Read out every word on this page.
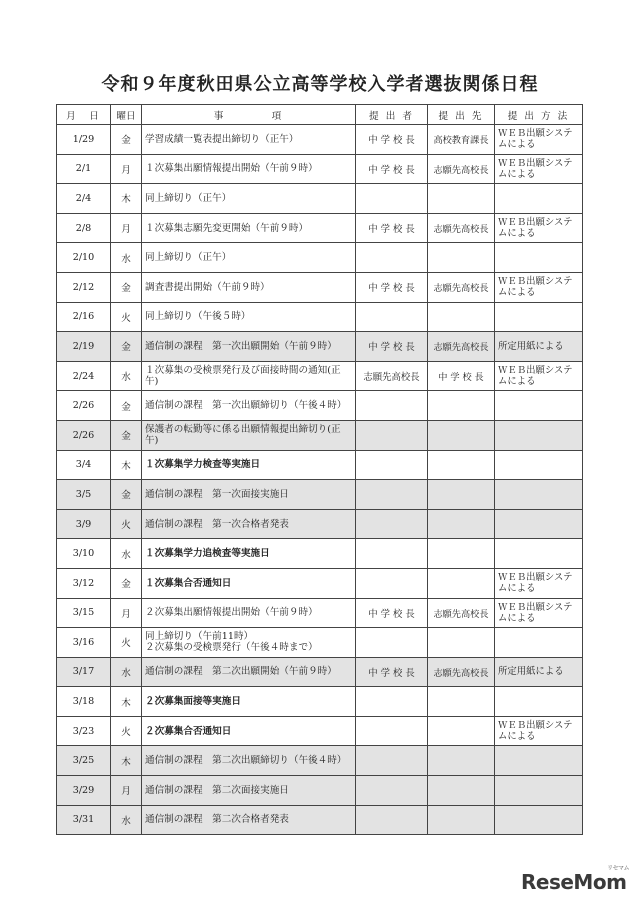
令和９年度秋田県公立高等学校入学者選抜関係日程
月　日	曜日	事　　　　項	提 出 者	提 出 先	提 出 方 法
1/29	金	学習成績一覧表提出締切り（正午）	中 学 校 長	高校教育課長	ＷＥＢ出願システムによる
2/1	月	１次募集出願情報提出開始（午前９時）	中 学 校 長	志願先高校長	ＷＥＢ出願システムによる
2/4	木	同上締切り（正午）			
2/8	月	１次募集志願先変更開始（午前９時）	中 学 校 長	志願先高校長	ＷＥＢ出願システムによる
2/10	水	同上締切り（正午）			
2/12	金	調査書提出開始（午前９時）	中 学 校 長	志願先高校長	ＷＥＢ出願システムによる
2/16	火	同上締切り（午後５時）			
2/19	金	通信制の課程　第一次出願開始（午前９時）	中 学 校 長	志願先高校長	所定用紙による
2/24	水	１次募集の受検票発行及び面接時間の通知(正午)	志願先高校長	中 学 校 長	ＷＥＢ出願システムによる
2/26	金	通信制の課程　第一次出願締切り（午後４時）			
2/26	金	保護者の転勤等に係る出願情報提出締切り(正午)			
3/4	木	１次募集学力検査等実施日			
3/5	金	通信制の課程　第一次面接実施日			
3/9	火	通信制の課程　第一次合格者発表			
3/10	水	１次募集学力追検査等実施日			
3/12	金	１次募集合否通知日			ＷＥＢ出願システムによる
3/15	月	２次募集出願情報提出開始（午前９時）	中 学 校 長	志願先高校長	ＷＥＢ出願システムによる
3/16	火	同上締切り（午前11時）
２次募集の受検票発行（午後４時まで）			
3/17	水	通信制の課程　第二次出願開始（午前９時）	中 学 校 長	志願先高校長	所定用紙による
3/18	木	２次募集面接等実施日			
3/23	火	２次募集合否通知日			ＷＥＢ出願システムによる
3/25	木	通信制の課程　第二次出願締切り（午後４時）			
3/29	月	通信制の課程　第二次面接実施日			
3/31	水	通信制の課程　第二次合格者発表			
ReseMom
リセマム
